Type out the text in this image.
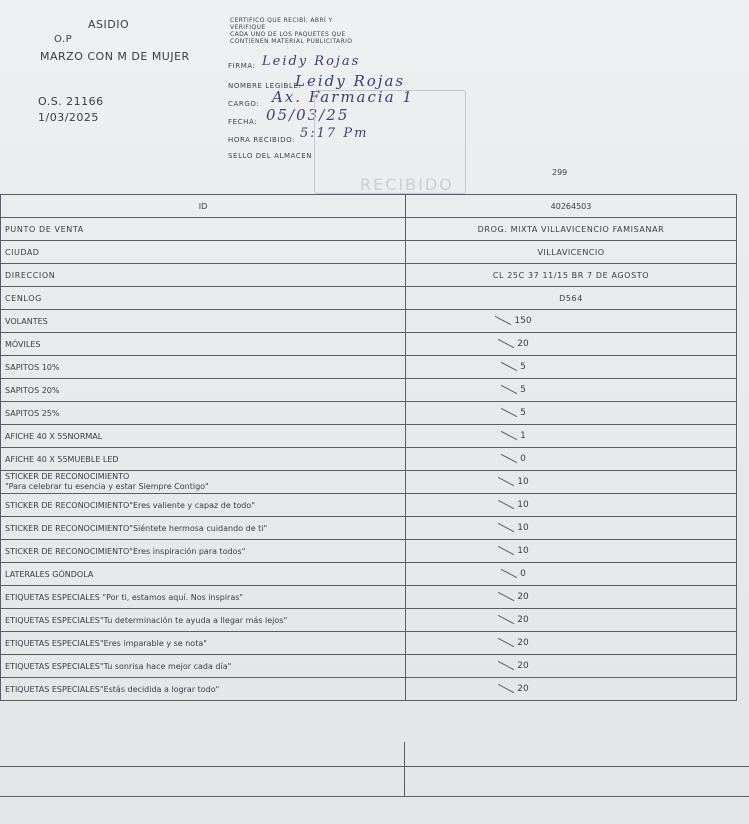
ASIDIO
O.P
MARZO CON M DE MUJER
O.S. 21166
1/03/2025
CERTIFICO QUE RECIBÍ, ABRÍ Y
VERIFIQUE
CADA UNO DE LOS PAQUETES QUE
CONTIENEN MATERIAL PUBLICITARIO
FIRMA: Leidy Rojas
NOMBRE LEGIBLE:
Leidy Rojas
CARGO: Ax. Farmacia 1
FECHA: 05/03/25
HORA RECIBIDO: 5:17 Pm
SELLO DEL ALMACEN
RECIBIDO
299
ID	40264503
PUNTO DE VENTA	DROG. MIXTA VILLAVICENCIO FAMISANAR
CIUDAD	VILLAVICENCIO
DIRECCION	CL 25C 37 11/15 BR 7 DE AGOSTO
CENLOG	D564
VOLANTES	150
MÓVILES	20
SAPITOS 10%	5
SAPITOS 20%	5
SAPITOS 25%	5
AFICHE 40 X 55NORMAL	1
AFICHE 40 X 55MUEBLE LED	0

STICKER DE RECONOCIMIENTO
"Para celebrar tu esencia y estar Siempre Contigo"	10
STICKER DE RECONOCIMIENTO"Eres valiente y capaz de todo"	10
STICKER DE RECONOCIMIENTO"Siéntete hermosa cuidando de ti"	10
STICKER DE RECONOCIMIENTO"Eres inspiración para todos"	10
LATERALES GÓNDOLA	0
ETIQUETAS ESPECIALES "Por ti, estamos aquí. Nos inspiras"	20
ETIQUETAS ESPECIALES"Tu determinación te ayuda a llegar más lejos"	20
ETIQUETAS ESPECIALES"Eres imparable y se nota"	20
ETIQUETAS ESPECIALES"Tu sonrisa hace mejor cada día"	20
ETIQUETAS ESPECIALES"Estás decidida a lograr todo"	20
